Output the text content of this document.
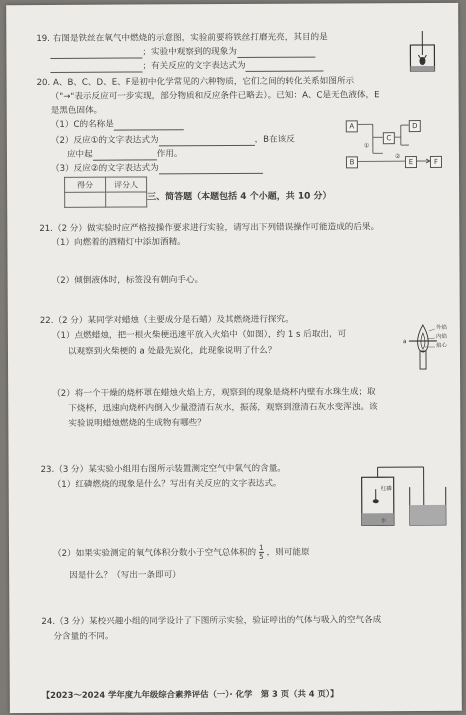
19. 右图是铁丝在氧气中燃烧的示意图，实验前要将铁丝打磨光亮，其目的是
；实验中观察到的现象为
；有关反应的文字表达式为
20. A、B、C、D、E、F是初中化学常见的六种物质，它们之间的转化关系如图所示
（"→"表示反应可一步实现，部分物质和反应条件已略去）。已知：A、C是无色液体，E
是黑色固体。
（1）C的名称是
（2）反应①的文字表达式为	，B在该反
应中起	作用。
（3）反应②的文字表达式为
A
C
D
B	E	F
①
②
得分	评分人

三、简答题（本题包括 4 个小题，共 10 分）
21.（2 分）做实验时应严格按操作要求进行实验，请写出下列错误操作可能造成的后果。
（1）向燃着的酒精灯中添加酒精。
（2）倾倒液体时，标签没有朝向手心。
22.（2 分）某同学对蜡烛（主要成分是石蜡）及其燃烧进行探究。
（1）点燃蜡烛，把一根火柴梗迅速平放入火焰中（如图），约 1 s 后取出，可
以观察到火柴梗的 a 处最先炭化，此现象说明了什么？
a
外焰
内焰
焰心
（2）将一个干燥的烧杯罩在蜡烛火焰上方，观察到的现象是烧杯内壁有水珠生成；取
下烧杯，迅速向烧杯内倒入少量澄清石灰水，振荡，观察到澄清石灰水变浑浊。该
实验说明蜡烛燃烧的生成物有哪些？
23.（3 分）某实验小组用右图所示装置测定空气中氧气的含量。
（1）红磷燃烧的现象是什么？写出有关反应的文字表达式。
（2）如果实验测定的氧气体积分数小于空气总体积的 $\frac{1}{5}$ ，则可能原
因是什么？（写出一条即可）
红磷
水
24.（3 分）某校兴趣小组的同学设计了下图所示实验，验证呼出的气体与吸入的空气各成
分含量的不同。
【2023～2024 学年度九年级综合素养评估（一）· 化学　第 3 页（共 4 页）】
